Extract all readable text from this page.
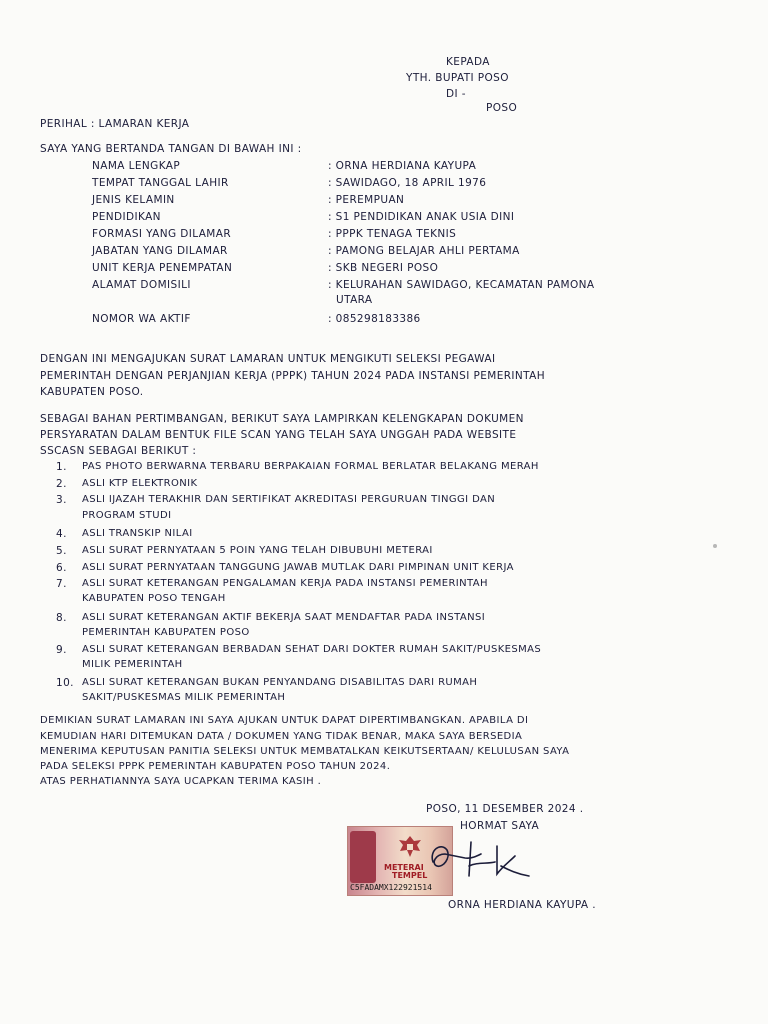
KEPADA
YTH. BUPATI POSO
DI -
POSO
PERIHAL : LAMARAN KERJA
SAYA YANG BERTANDA TANGAN DI BAWAH INI :
NAMA LENGKAP	: ORNA HERDIANA KAYUPA
TEMPAT TANGGAL LAHIR	: SAWIDAGO, 18 APRIL 1976
JENIS KELAMIN	: PEREMPUAN
PENDIDIKAN	: S1 PENDIDIKAN ANAK USIA DINI
FORMASI YANG DILAMAR	: PPPK TENAGA TEKNIS
JABATAN YANG DILAMAR	: PAMONG BELAJAR AHLI PERTAMA
UNIT KERJA PENEMPATAN	: SKB NEGERI POSO
ALAMAT DOMISILI	: KELURAHAN SAWIDAGO, KECAMATAN PAMONA
UTARA
NOMOR WA AKTIF	: 085298183386
DENGAN INI MENGAJUKAN SURAT LAMARAN UNTUK MENGIKUTI SELEKSI PEGAWAI
PEMERINTAH DENGAN PERJANJIAN KERJA (PPPK) TAHUN 2024 PADA INSTANSI PEMERINTAH
KABUPATEN POSO.
SEBAGAI BAHAN PERTIMBANGAN, BERIKUT SAYA LAMPIRKAN KELENGKAPAN DOKUMEN
PERSYARATAN DALAM BENTUK FILE SCAN YANG TELAH SAYA UNGGAH PADA WEBSITE
SSCASN SEBAGAI BERIKUT :
1. PAS PHOTO BERWARNA TERBARU BERPAKAIAN FORMAL BERLATAR BELAKANG MERAH
2. ASLI KTP ELEKTRONIK
3. ASLI IJAZAH TERAKHIR DAN SERTIFIKAT AKREDITASI PERGURUAN TINGGI DAN
PROGRAM STUDI
4. ASLI TRANSKIP NILAI
5. ASLI SURAT PERNYATAAN 5 POIN YANG TELAH DIBUBUHI METERAI
6. ASLI SURAT PERNYATAAN TANGGUNG JAWAB MUTLAK DARI PIMPINAN UNIT KERJA
7. ASLI SURAT KETERANGAN PENGALAMAN KERJA PADA INSTANSI PEMERINTAH
KABUPATEN POSO TENGAH
8. ASLI SURAT KETERANGAN AKTIF BEKERJA SAAT MENDAFTAR PADA INSTANSI
PEMERINTAH KABUPATEN POSO
9. ASLI SURAT KETERANGAN BERBADAN SEHAT DARI DOKTER RUMAH SAKIT/PUSKESMAS
MILIK PEMERINTAH
10. ASLI SURAT KETERANGAN BUKAN PENYANDANG DISABILITAS DARI RUMAH
SAKIT/PUSKESMAS MILIK PEMERINTAH
DEMIKIAN SURAT LAMARAN INI SAYA AJUKAN UNTUK DAPAT DIPERTIMBANGKAN. APABILA DI
KEMUDIAN HARI DITEMUKAN DATA / DOKUMEN YANG TIDAK BENAR, MAKA SAYA BERSEDIA
MENERIMA KEPUTUSAN PANITIA SELEKSI UNTUK MEMBATALKAN KEIKUTSERTAAN/ KELULUSAN SAYA
PADA SELEKSI PPPK PEMERINTAH KABUPATEN POSO TAHUN 2024.
ATAS PERHATIANNYA SAYA UCAPKAN TERIMA KASIH .
POSO, 11 DESEMBER 2024 .
HORMAT SAYA
METERAI
TEMPEL
C5FADAMX122921514
ORNA HERDIANA KAYUPA .
